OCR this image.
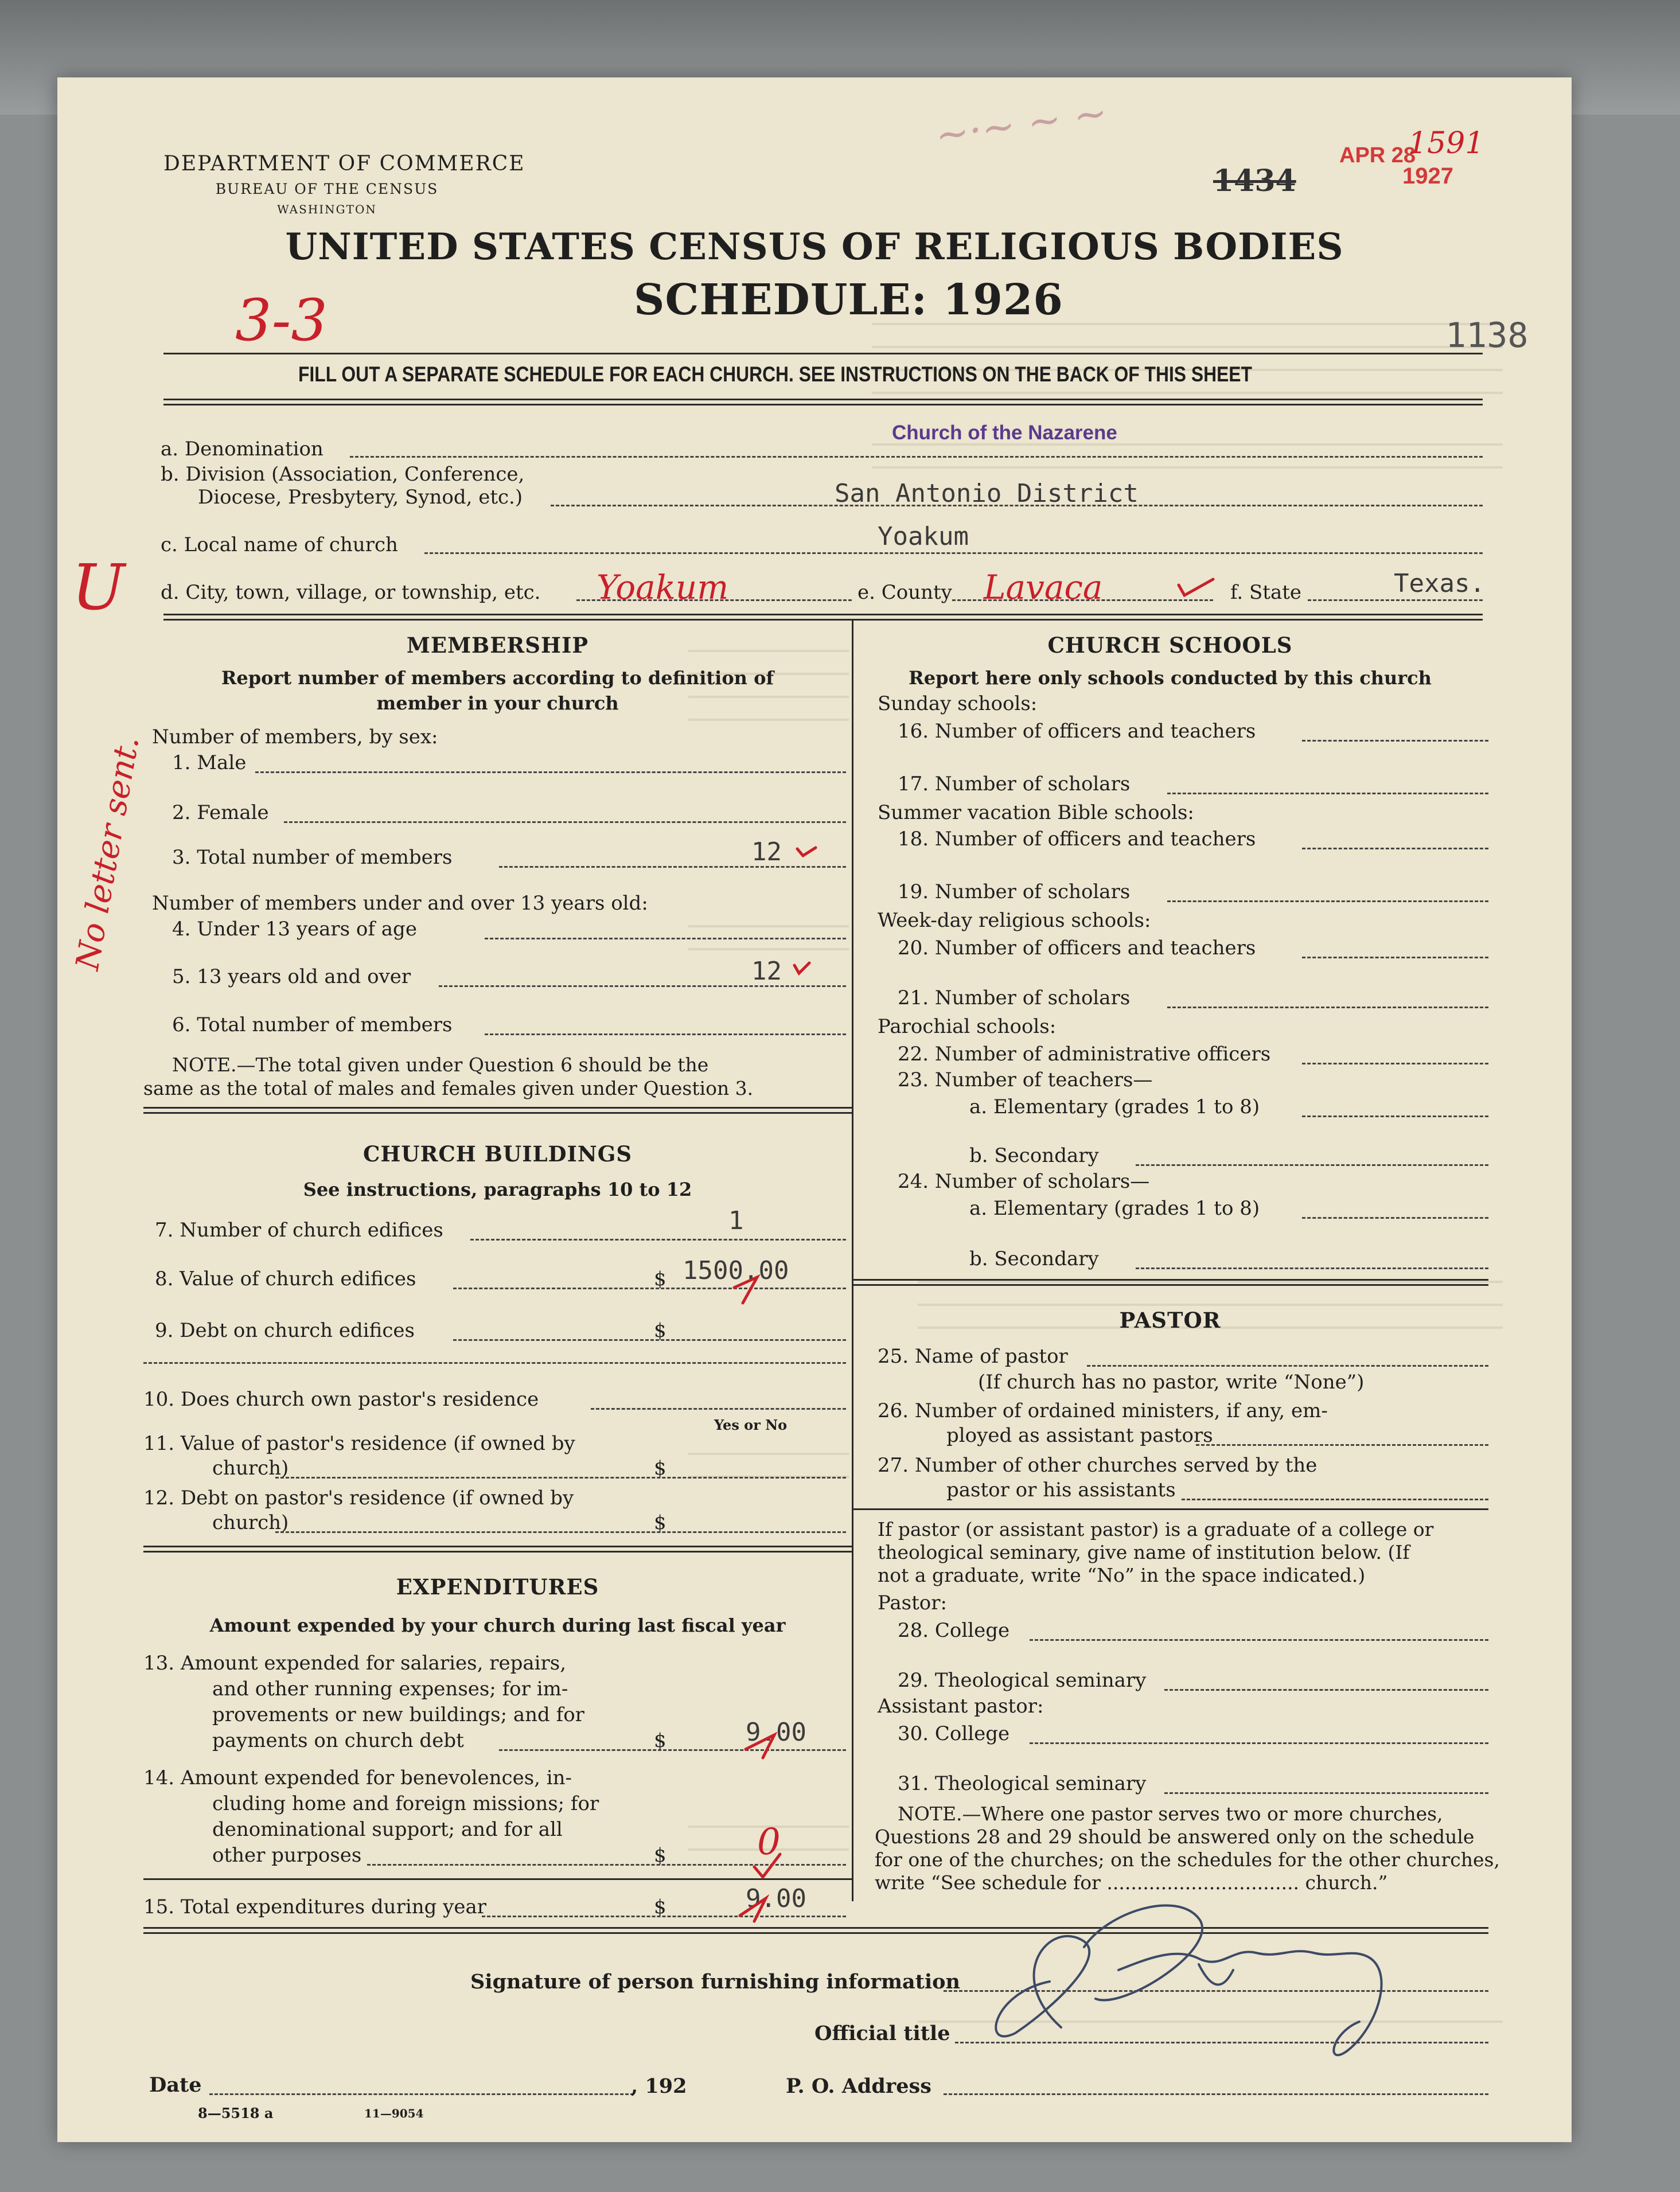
DEPARTMENT OF COMMERCE
BUREAU OF THE CENSUS
WASHINGTON
~·~ ~ ~	APR 28
1927
1591
1434
UNITED STATES CENSUS OF RELIGIOUS BODIES
SCHEDULE: 1926
3-3	1138
FILL OUT A SEPARATE SCHEDULE FOR EACH CHURCH. SEE INSTRUCTIONS ON THE BACK OF THIS SHEET
a. Denomination
Church of the Nazarene
b. Division (Association, Conference,
Diocese, Presbytery, Synod, etc.)	San Antonio District
c. Local name of church	Yoakum
U d. City, town, village, or township, etc. Yoakum	e. County Lavaca	f. State	Texas.
No letter sent.
MEMBERSHIP
Report number of members according to definition of
member in your church
Number of members, by sex:
1. Male
2. Female
3. Total number of members	12
Number of members under and over 13 years old:
4. Under 13 years of age
5. 13 years old and over	12
6. Total number of members
NOTE.—The total given under Question 6 should be the
same as the total of males and females given under Question 3.
CHURCH BUILDINGS
See instructions, paragraphs 10 to 12
7. Number of church edifices	1
8. Value of church edifices	$ 1500.00
9. Debt on church edifices	$
10. Does church own pastor's residence
Yes or No
11. Value of pastor's residence (if owned by
church)	$
12. Debt on pastor's residence (if owned by
church)	$
EXPENDITURES
Amount expended by your church during last fiscal year
13. Amount expended for salaries, repairs,
and other running expenses; for im-
provements or new buildings; and for
payments on church debt	$	9.00
14. Amount expended for benevolences, in-
cluding home and foreign missions; for
denominational support; and for all
other purposes	$ 0
15. Total expenditures during year	$	9.00
CHURCH SCHOOLS
Report here only schools conducted by this church
Sunday schools:
16. Number of officers and teachers
17. Number of scholars
Summer vacation Bible schools:
18. Number of officers and teachers
19. Number of scholars
Week-day religious schools:
20. Number of officers and teachers
21. Number of scholars
Parochial schools:
22. Number of administrative officers
23. Number of teachers—
a. Elementary (grades 1 to 8)
b. Secondary
24. Number of scholars—
a. Elementary (grades 1 to 8)
b. Secondary
PASTOR
25. Name of pastor
(If church has no pastor, write “None”)
26. Number of ordained ministers, if any, em-
ployed as assistant pastors
27. Number of other churches served by the
pastor or his assistants
If pastor (or assistant pastor) is a graduate of a college or
theological seminary, give name of institution below. (If
not a graduate, write “No” in the space indicated.)
Pastor:
28. College
29. Theological seminary
Assistant pastor:
30. College
31. Theological seminary
NOTE.—Where one pastor serves two or more churches,
Questions 28 and 29 should be answered only on the schedule
for one of the churches; on the schedules for the other churches,
write “See schedule for ................................ church.”
Signature of person furnishing information
Official title
Date	, 192	P. O. Address
8—5518 a	11—9054
